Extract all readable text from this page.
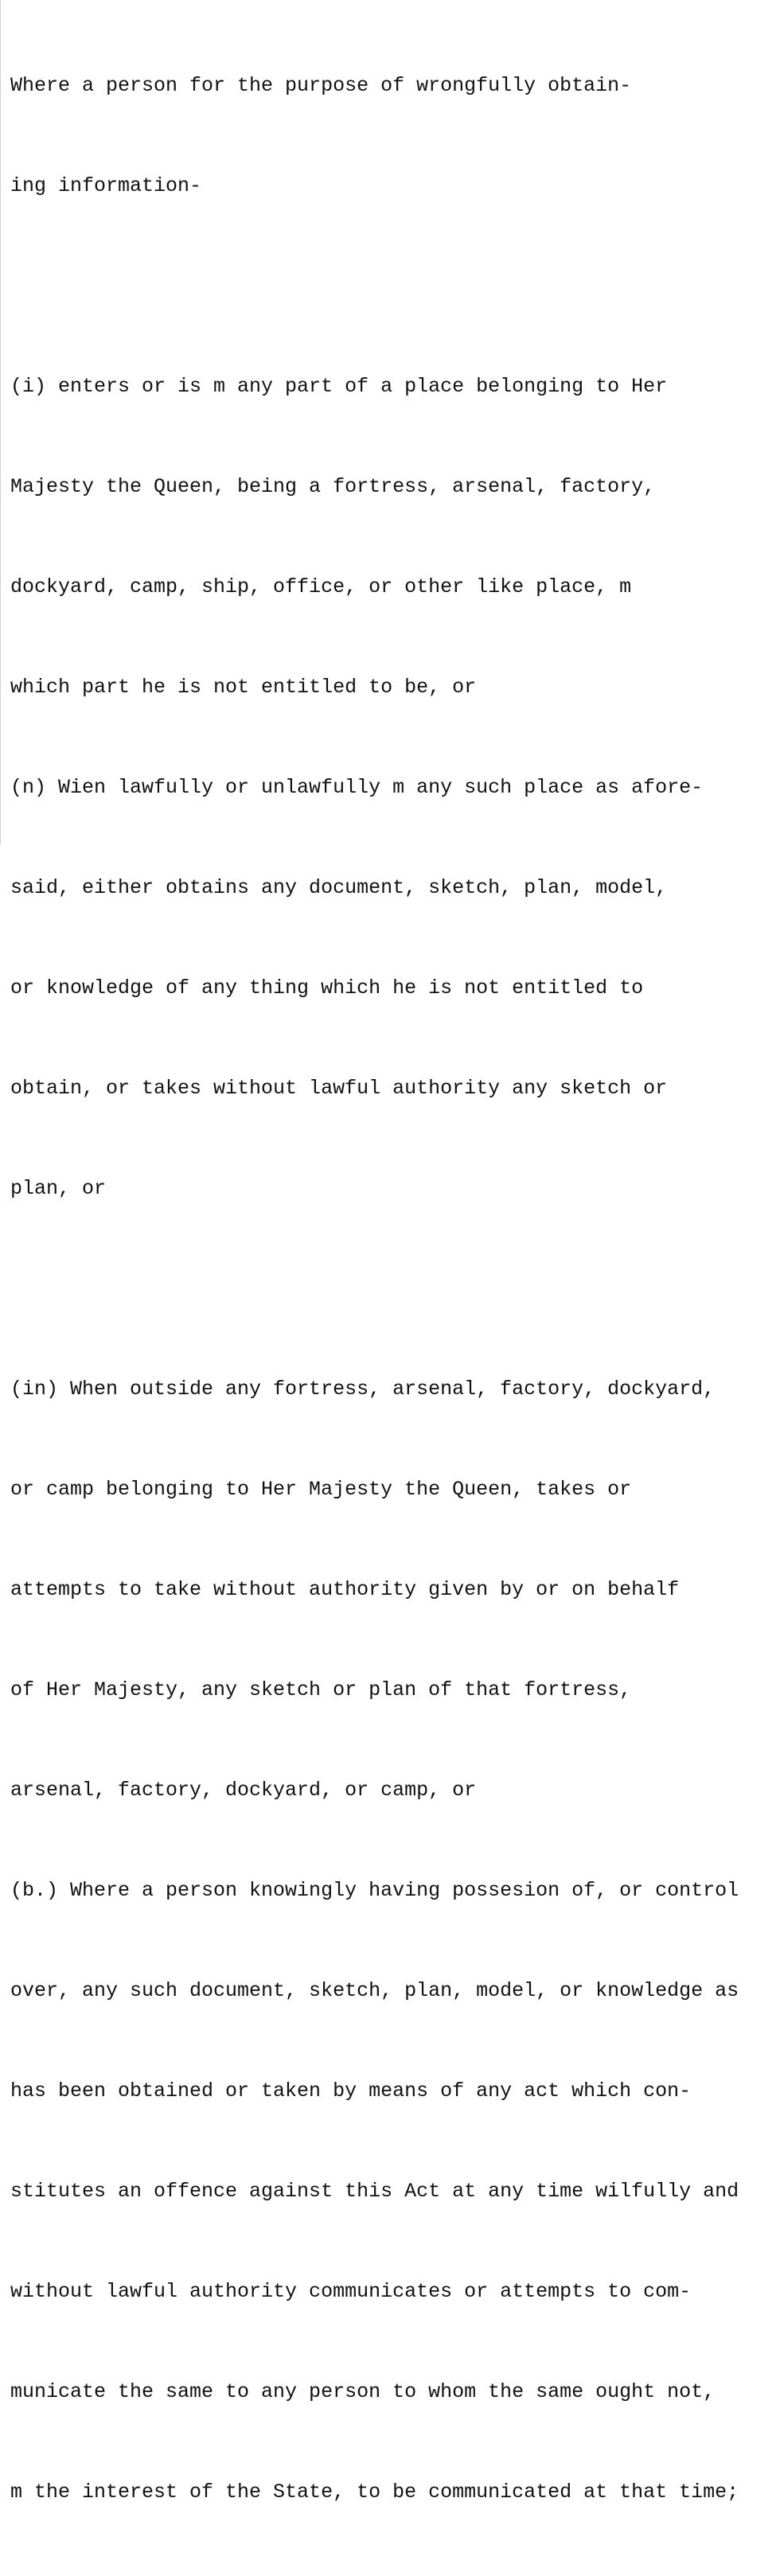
Where a person for the purpose of wrongfully obtain-

ing information-

(i) enters or is m any part of a place belonging to Her

Majesty the Queen, being a fortress, arsenal, factory,

dockyard, camp, ship, office, or other like place, m

which part he is not entitled to be, or

(n) Wien lawfully or unlawfully m any such place as afore-

said, either obtains any document, sketch, plan, model,

or knowledge of any thing which he is not entitled to

obtain, or takes without lawful authority any sketch or

plan, or

(in) When outside any fortress, arsenal, factory, dockyard,

or camp belonging to Her Majesty the Queen, takes or

attempts to take without authority given by or on behalf

of Her Majesty, any sketch or plan of that fortress,

arsenal, factory, dockyard, or camp, or

(b.) Where a person knowingly having possesion of, or control

over, any such document, sketch, plan, model, or knowledge as

has been obtained or taken by means of any act which con-

stitutes an offence against this Act at any time wilfully and

without lawful authority communicates or attempts to com-

municate the same to any person to whom the same ought not,

m the interest of the State, to be communicated at that time;
